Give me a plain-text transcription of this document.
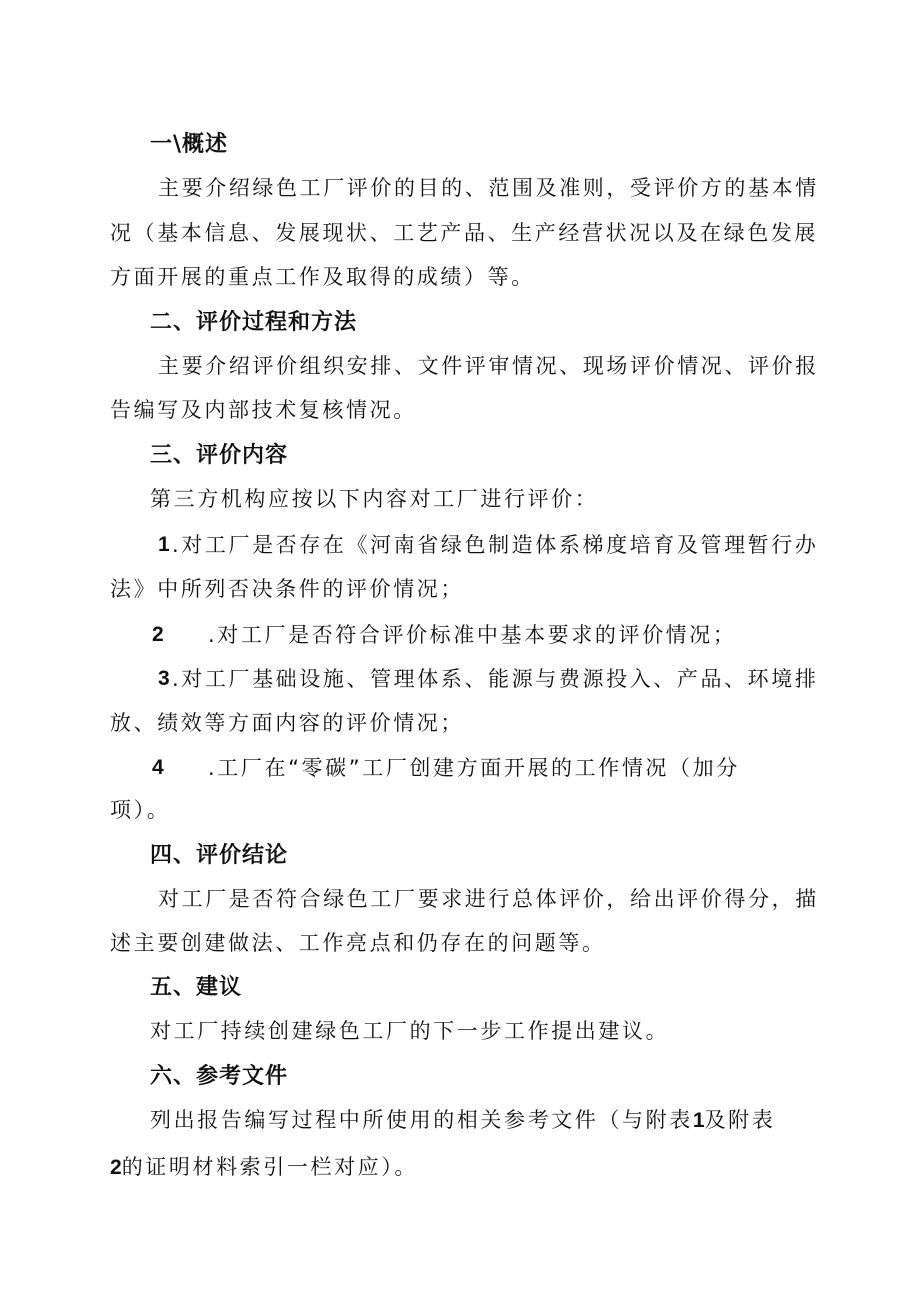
一\概述
主要介绍绿色工厂评价的目的、范围及准则，受评价方的基本情
况（基本信息、发展现状、工艺产品、生产经营状况以及在绿色发展
方面开展的重点工作及取得的成绩）等。
二、评价过程和方法
主要介绍评价组织安排、文件评审情况、现场评价情况、评价报
告编写及内部技术复核情况。
三、评价内容
第三方机构应按以下内容对工厂进行评价：
1 .对工厂是否存在《河南省绿色制造体系梯度培育及管理暂行办
法》中所列否决条件的评价情况；
2 .对工厂是否符合评价标准中基本要求的评价情况；
3 .对工厂基础设施、管理体系、能源与费源投入、产品、环境排
放、绩效等方面内容的评价情况；
4 .工厂在“零碳”工厂创建方面开展的工作情况（加分
项）。
四、评价结论
对工厂是否符合绿色工厂要求进行总体评价，给出评价得分，描
述主要创建做法、工作亮点和仍存在的问题等。
五、建议
对工厂持续创建绿色工厂的下一步工作提出建议。
六、参考文件
列出报告编写过程中所使用的相关参考文件（与附表1及附表
2的证明材料索引一栏对应）。
